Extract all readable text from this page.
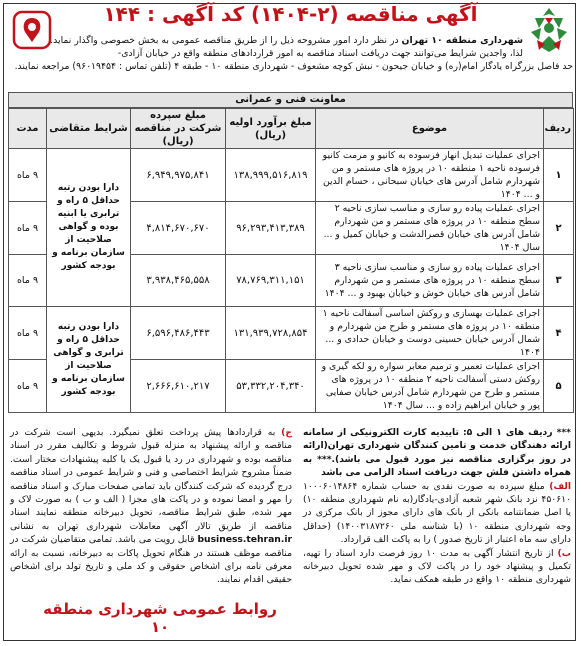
آگهی مناقصه (۲-۱۴۰۴) کد آگهی : ۱۴۴
شهرداری منطقه ۱۰ تهران در نظر دارد امور مشروحه ذیل را از طریق مناقصه عمومی به بخش خصوصی واگذار نماید.
لذا، واجدین شرایط می‌توانند جهت دریافت اسناد مناقصه به امور قراردادهای منطقه واقع در خیابان آزادی-
حد فاصل بزرگراه یادگار امام(ره) و خیابان جیحون - نبش کوچه مشعوف - شهرداری منطقه ۱۰ - طبقه ۴ (تلفن تماس : ۹۶۰۱۹۴۵۴) مراجعه نمایند.
معاونت فنی و عمرانی
ردیف	موضوع	مبلغ برآورد اولیه (ریال)	مبلغ سپرده شرکت در مناقصه (ریال)	شرایط متقاضی	مدت
۱	اجرای عملیات تبدیل انهار فرسوده به کانیو و مرمت کانیو فرسوده ناحیه ۱ منطقه ۱۰ در پروژه های مستمر و من شهردارم شامل آدرس های خیابان سبحانی ، حسام الدین و ... ۱۴۰۴	۱۳۸,۹۹۹,۵۱۶,۸۱۹	۶,۹۴۹,۹۷۵,۸۴۱	دارا بودن رتبه حداقل ۵ راه و ترابری یا ابنیه بوده و گواهی صلاحیت از سازمان برنامه و بودجه کشور	۹ ماه
۲	اجرای عملیات پیاده رو سازی و مناسب سازی ناحیه ۲ سطح منطقه ۱۰ در پروژه های مستمر و من شهردارم شامل آدرس های خیابان قصرالدشت و خیابان کمیل و ... سال ۱۴۰۴	۹۶,۲۹۳,۴۱۳,۳۸۹	۴,۸۱۴,۶۷۰,۶۷۰		۹ ماه
۳	اجرای عملیات پیاده رو سازی و مناسب سازی ناحیه ۳ سطح منطقه ۱۰ در پروژه های مستمر و من شهردارم شامل آدرس های خیابان خوش و خیابان بهبود و ... ۱۴۰۴	۷۸,۷۶۹,۳۱۱,۱۵۱	۳,۹۳۸,۴۶۵,۵۵۸		۹ ماه
۴	اجرای عملیات بهسازی و روکش اساسی آسفالت ناحیه ۱ منطقه ۱۰ در پروژه های مستمر و طرح من شهردارم و شمال آدرس خیابان حسینی دوست و خیابان حدادی و ... ۱۴۰۴	۱۳۱,۹۳۹,۷۲۸,۸۵۴	۶,۵۹۶,۴۸۶,۴۴۳	دارا بودن رتبه حداقل ۵ راه و ترابری و گواهی صلاحیت از سازمان برنامه و بودجه کشور	۹ ماه
۵	اجرای عملیات تعمیر و ترمیم معابر سواره رو لکه گیری و روکش دستی آسفالت ناحیه ۲ منطقه ۱۰ در پروژه های مستمر و طرح من شهردارم شامل آدرس خیابان صفایی پور و خیابان ابراهیم زاده و ... سال ۱۴۰۴	۵۳,۳۳۲,۲۰۴,۳۴۰	۲,۶۶۶,۶۱۰,۲۱۷		۹ ماه

*** ردیف های ۱ الی ۵: تاییدیه کارت الکترونیکی از سامانه ارائه دهندگان خدمت و تامین کنندگان شهرداری تهران(ارائه در روز برگزاری مناقصه نیز مورد قبول می باشد).*** به همراه داشتن فلش جهت دریافت اسناد الزامی می باشد

الف) مبلغ سپرده به صورت نقدی به حساب شماره ۱۰۰۰۶۰۱۴۸۶۴ ۴۵۰۶۱۰ نزد بانک شهر شعبه آزادی-یادگار(به نام شهرداری منطقه ۱۰) یا اصل ضمانتنامه بانکی از بانک های دارای مجوز از بانک مرکزی در وجه شهرداری منطقه ۱۰ (با شناسه ملی ۱۴۰۰۳۱۸۷۲۶۰) (حداقل دارای سه ماه اعتبار از تاریخ صدور ) را به پاکت الف قرارداد.

ب) از تاریخ انتشار آگهی به مدت ۱۰ روز فرصت دارد اسناد را تهیه، تکمیل و پیشنهاد خود را در پاکت لاک و مهر شده تحویل دبیرخانه شهرداری منطقه ۱۰ واقع در طبقه همکف نماید.

ج) به قراردادها پیش پرداخت تعلق نمیگیرد. بدیهی است شرکت در مناقصه و ارائه پیشنهاد به منزله قبول شروط و تکالیف مقرر در اسناد مناقصه بوده و شهرداری در رد یا قبول یک یا کلیه پیشنهادات مختار است. ضمناً مشروح شرایط اختصاصی و فنی و شرایط عمومی در اسناد مناقصه درج گردیده که شرکت کنندگان باید تمامی صفحات مبارک و اسناد مناقصه را مهر و امضا نموده و در پاکت های مجزا ( الف و ب ) به صورت لاک و مهر شده، طبق شرایط مناقصه، تحویل دبیرخانه منطقه نمایند اسناد مناقصه از طریق تالار آگهی معاملات شهرداری تهران به نشانی business.tehran.ir قابل رویت می باشد. تمامی متقاضیان شرکت در مناقصه موظف هستند در هنگام تحویل پاکات به دبیرخانه، نسبت به ارائه معرفی نامه برای اشخاص حقوقی و کد ملی و تاریخ تولد برای اشخاص حقیقی اقدام نمایند.

روابط عمومی شهرداری منطقه ۱۰
